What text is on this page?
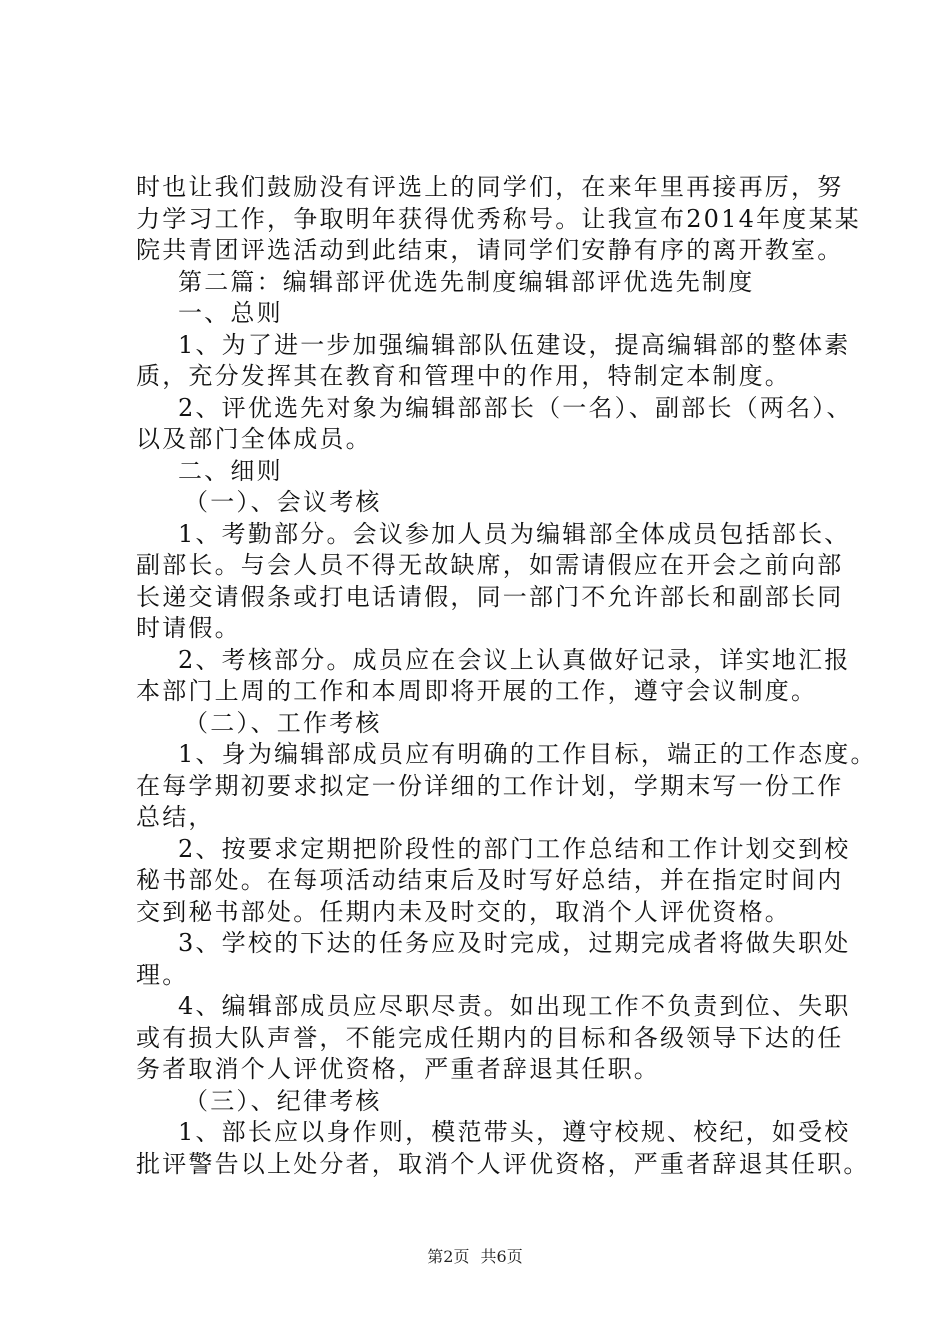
时也让我们鼓励没有评选上的同学们，在来年里再接再厉，努
力学习工作，争取明年获得优秀称号。让我宣布2014年度某某
院共青团评选活动到此结束，请同学们安静有序的离开教室。
第二篇：编辑部评优选先制度编辑部评优选先制度
一、总则
1、为了进一步加强编辑部队伍建设，提高编辑部的整体素
质，充分发挥其在教育和管理中的作用，特制定本制度。
2、评优选先对象为编辑部部长（一名）、副部长（两名）、
以及部门全体成员。
二、细则
（一）、会议考核
1、考勤部分。会议参加人员为编辑部全体成员包括部长、
副部长。与会人员不得无故缺席，如需请假应在开会之前向部
长递交请假条或打电话请假，同一部门不允许部长和副部长同
时请假。
2、考核部分。成员应在会议上认真做好记录，详实地汇报
本部门上周的工作和本周即将开展的工作，遵守会议制度。
（二）、工作考核
1、身为编辑部成员应有明确的工作目标，端正的工作态度。
在每学期初要求拟定一份详细的工作计划，学期末写一份工作
总结，
2、按要求定期把阶段性的部门工作总结和工作计划交到校
秘书部处。在每项活动结束后及时写好总结，并在指定时间内
交到秘书部处。任期内未及时交的，取消个人评优资格。
3、学校的下达的任务应及时完成，过期完成者将做失职处
理。
4、编辑部成员应尽职尽责。如出现工作不负责到位、失职
或有损大队声誉，不能完成任期内的目标和各级领导下达的任
务者取消个人评优资格，严重者辞退其任职。
（三）、纪律考核
1、部长应以身作则，模范带头，遵守校规、校纪，如受校
批评警告以上处分者，取消个人评优资格，严重者辞退其任职。
第2页 共6页
